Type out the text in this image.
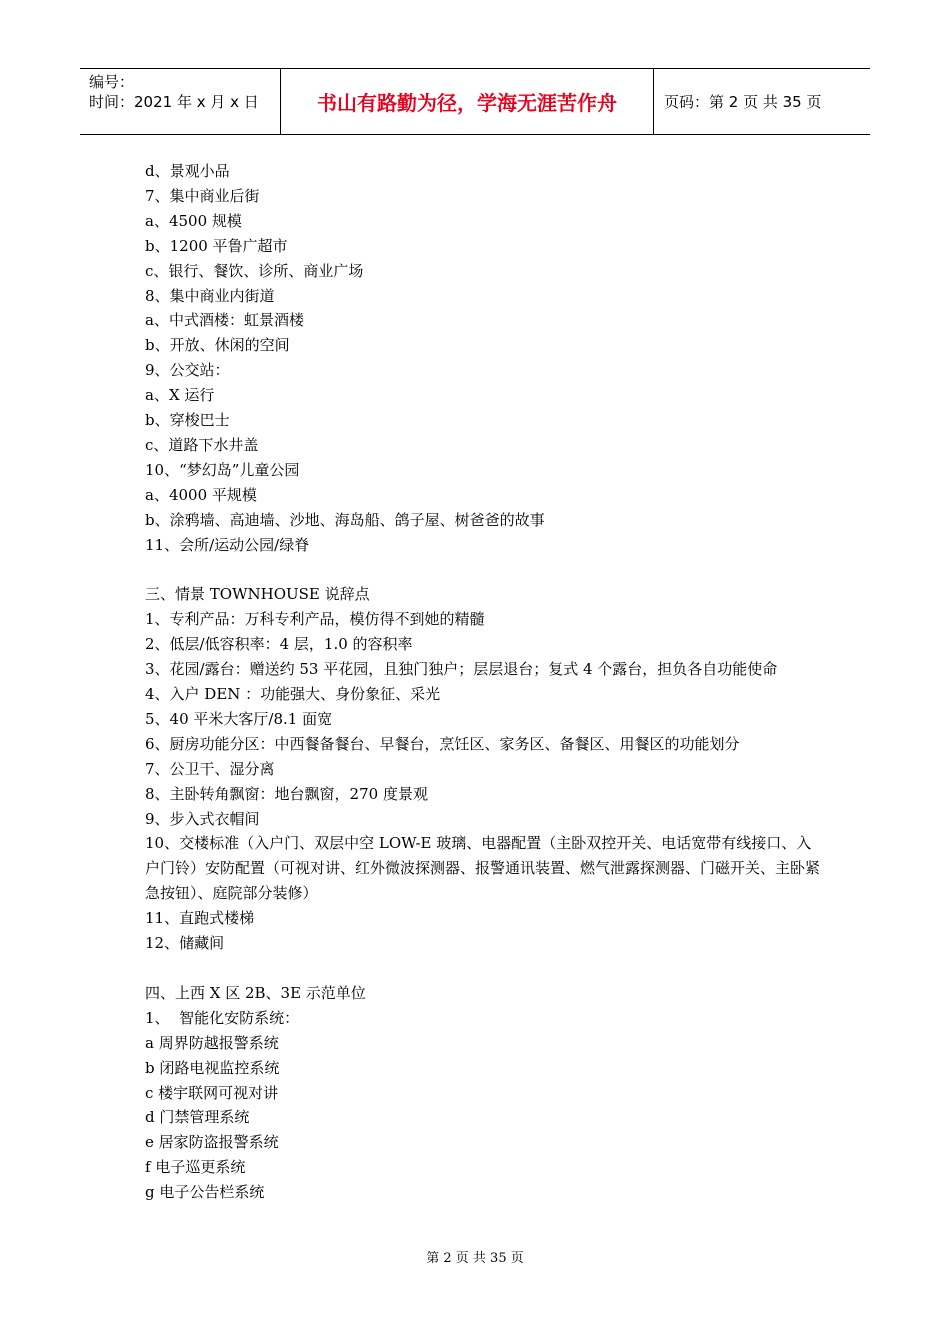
编号：
时间：2021 年 x 月 x 日	书山有路勤为径，学海无涯苦作舟	页码：第 2 页 共 35 页
d、景观小品
7、集中商业后街
a、4500 规模
b、1200 平鲁广超市
c、银行、餐饮、诊所、商业广场
8、集中商业内街道
a、中式酒楼：虹景酒楼
b、开放、休闲的空间
9、公交站：
a、X 运行
b、穿梭巴士
c、道路下水井盖
10、“梦幻岛”儿童公园
a、4000 平规模
b、涂鸦墙、高迪墙、沙地、海岛船、鸽子屋、树爸爸的故事
11、会所/运动公园/绿脊
三、情景 TOWNHOUSE 说辞点
1、专利产品：万科专利产品，模仿得不到她的精髓
2、低层/低容积率：4 层，1.0 的容积率
3、花园/露台：赠送约 53 平花园，且独门独户；层层退台；复式 4 个露台，担负各自功能使命
4、入户 DEN ：功能强大、身份象征、采光
5、40 平米大客厅/8.1 面宽
6、厨房功能分区：中西餐备餐台、早餐台，烹饪区、家务区、备餐区、用餐区的功能划分
7、公卫干、湿分离
8、主卧转角飘窗：地台飘窗，270 度景观
9、步入式衣帽间
10、交楼标准（入户门、双层中空 LOW-E 玻璃、电器配置（主卧双控开关、电话宽带有线接口、入户门铃）安防配置（可视对讲、红外微波探测器、报警通讯装置、燃气泄露探测器、门磁开关、主卧紧急按钮）、庭院部分装修）
11、直跑式楼梯
12、储藏间
四、上西 X 区 2B、3E 示范单位
1、  智能化安防系统：
a 周界防越报警系统
b 闭路电视监控系统
c 楼宇联网可视对讲
d 门禁管理系统
e 居家防盗报警系统
f 电子巡更系统
g 电子公告栏系统
第 2 页 共 35 页
